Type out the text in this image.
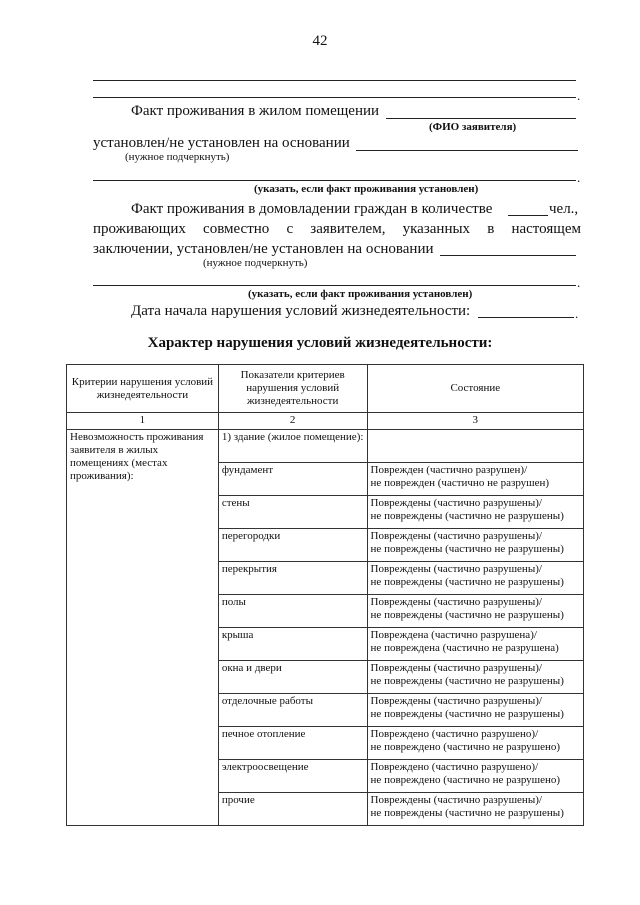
42
.
Факт проживания в жилом помещении
(ФИО заявителя)
установлен/не установлен на основании
(нужное подчеркнуть)
.
(указать, если факт проживания установлен)
Факт проживания в домовладении граждан в количестве	чел.,
проживающих совместно с заявителем, указанных в настоящем
заключении, установлен/не установлен на основании
(нужное подчеркнуть)
.
(указать, если факт проживания установлен)
Дата начала нарушения условий жизнедеятельности:	.
Характер нарушения условий жизнедеятельности:
Критерии нарушения условий жизнедеятельности	Показатели критериев нарушения условий жизнедеятельности	Состояние
1	2	3
Невозможность проживания заявителя в жилых помещениях (местах проживания):	1) здание (жилое помещение):	
	фундамент	Поврежден (частично разрушен)/
не поврежден (частично не разрушен)

	стены	Повреждены (частично разрушены)/
не повреждены (частично не разрушены)

	перегородки	Повреждены (частично разрушены)/
не повреждены (частично не разрушены)

	перекрытия	Повреждены (частично разрушены)/
не повреждены (частично не разрушены)

	полы	Повреждены (частично разрушены)/
не повреждены (частично не разрушены)

	крыша	Повреждена (частично разрушена)/
не повреждена (частично не разрушена)

	окна и двери	Повреждены (частично разрушены)/
не повреждены (частично не разрушены)

	отделочные работы	Повреждены (частично разрушены)/
не повреждены (частично не разрушены)

	печное отопление	Повреждено (частично разрушено)/
не повреждено (частично не разрушено)

	электроосвещение	Повреждено (частично разрушено)/
не повреждено (частично не разрушено)

	прочие	Повреждены (частично разрушены)/
не повреждены (частично не разрушены)
